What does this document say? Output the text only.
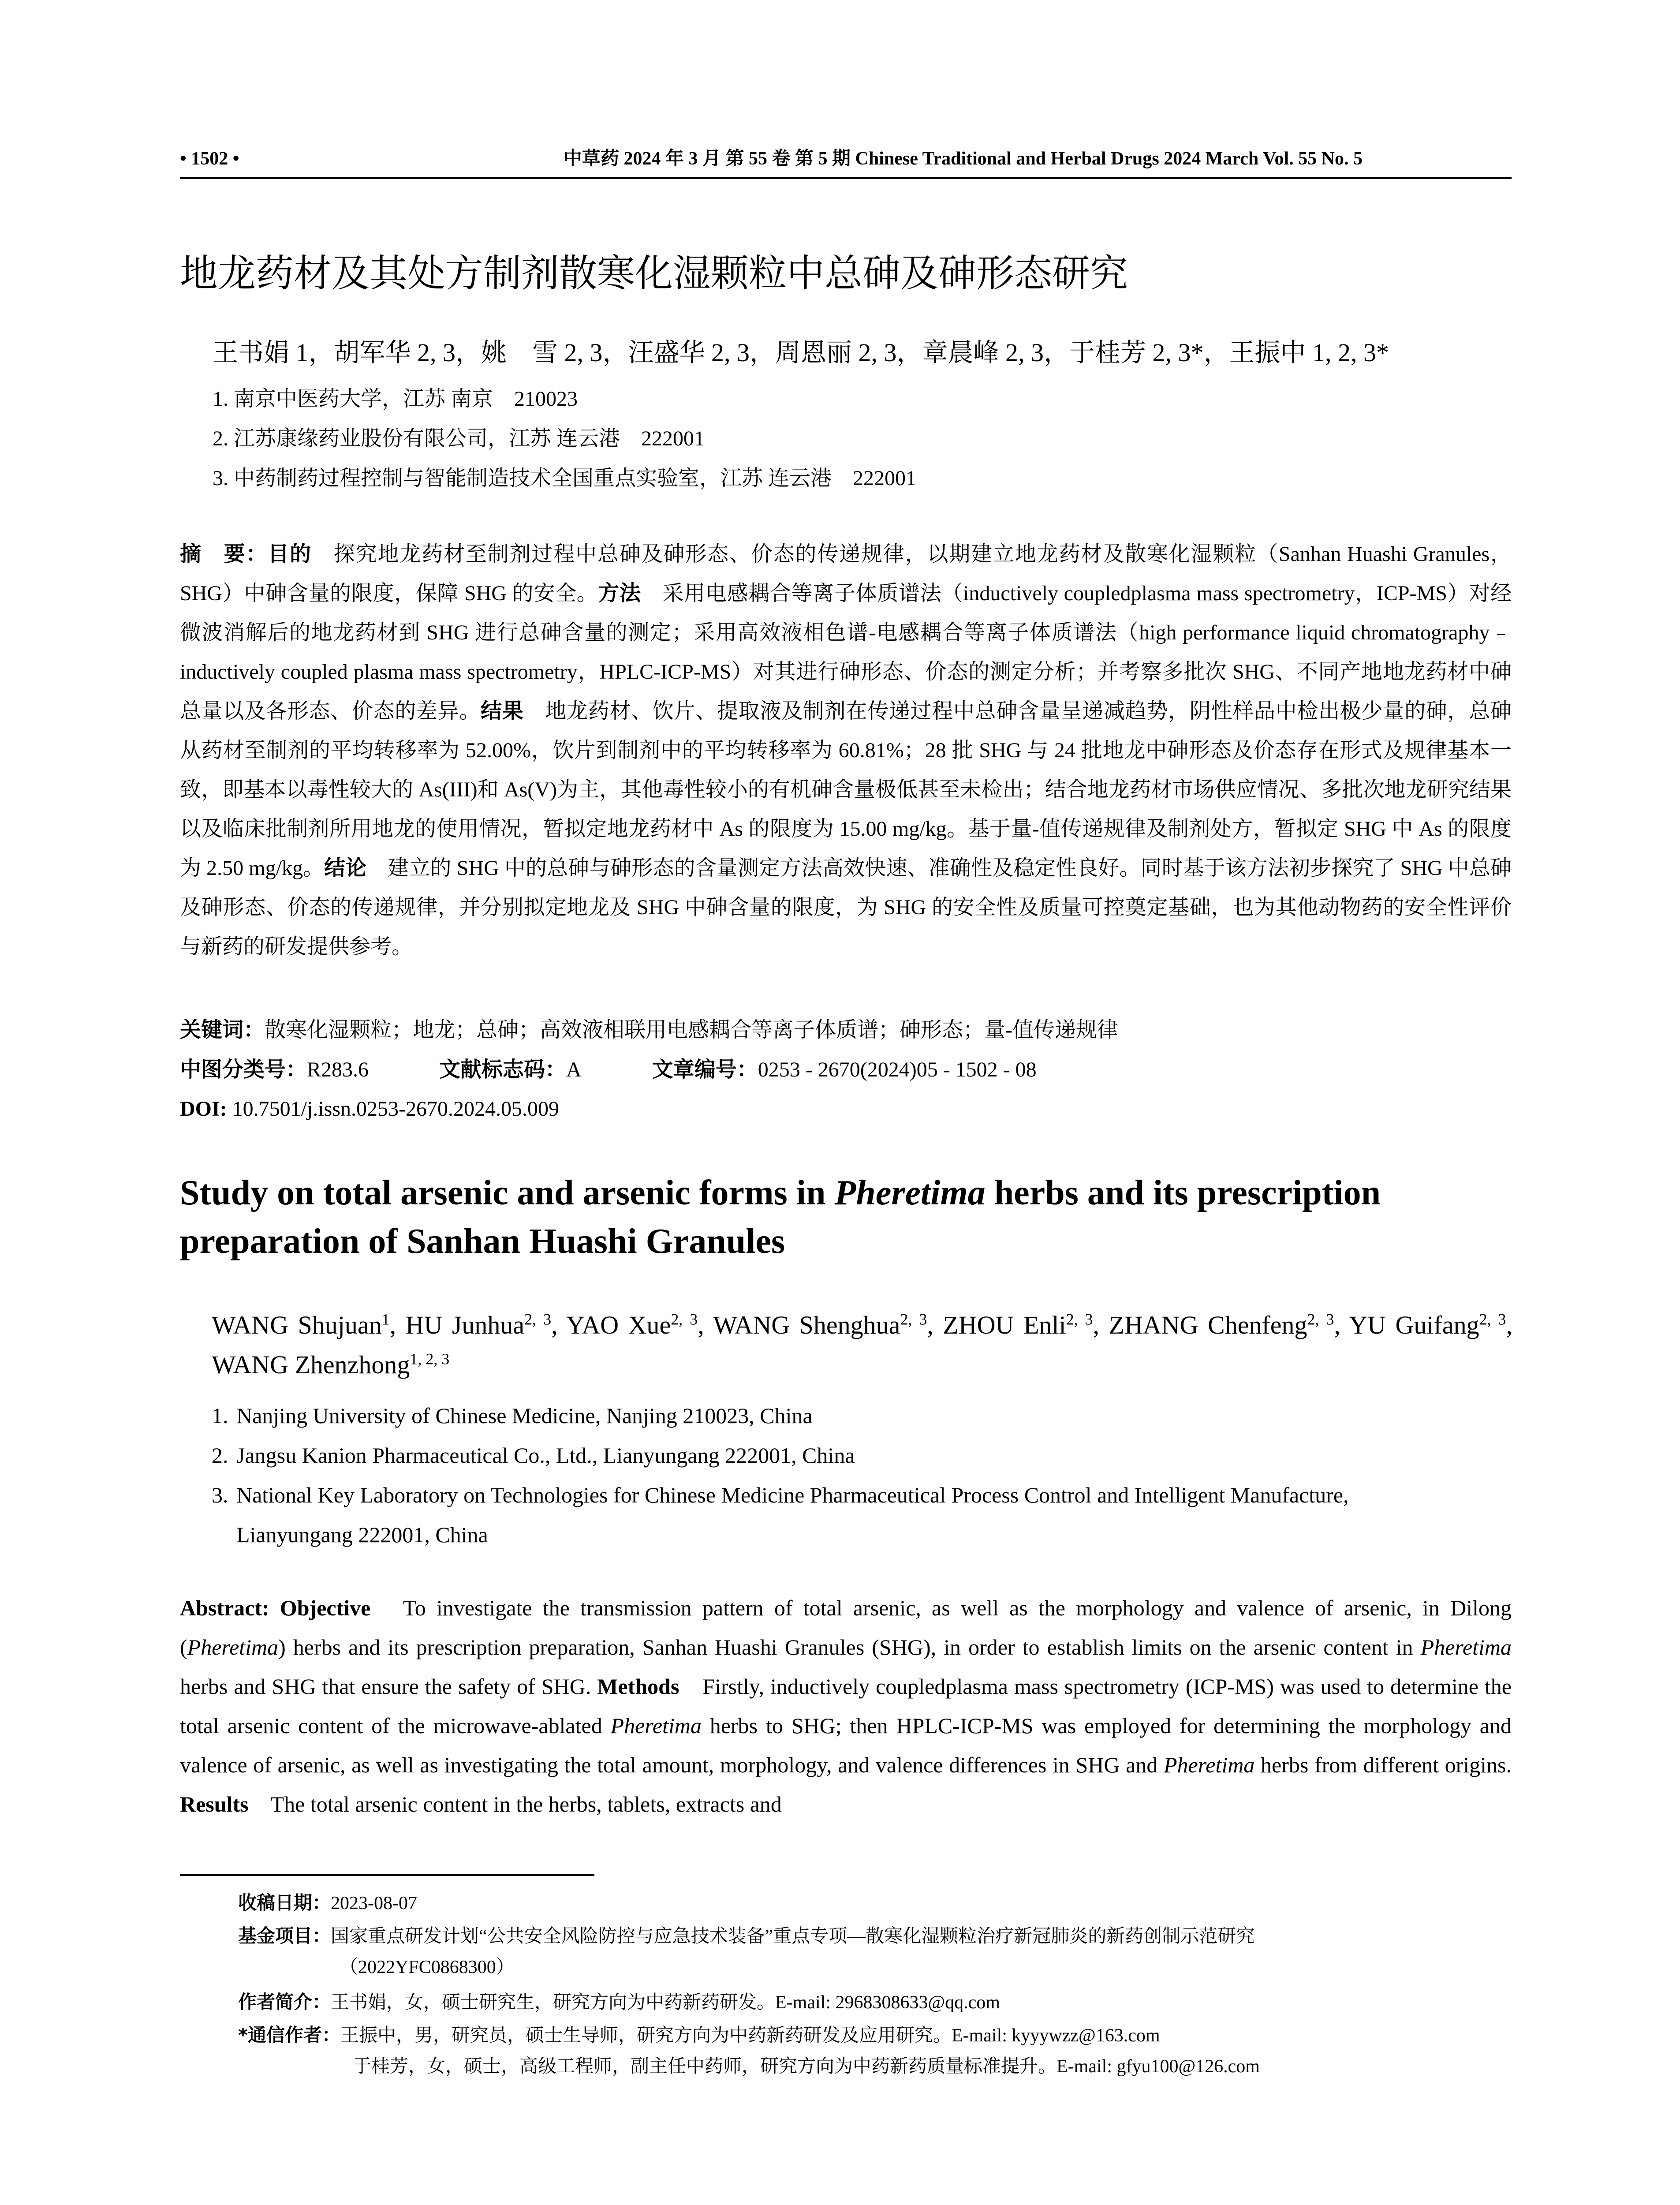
• 1502 •	中草药 2024 年 3 月 第 55 卷 第 5 期 Chinese Traditional and Herbal Drugs 2024 March Vol. 55 No. 5
地龙药材及其处方制剂散寒化湿颗粒中总砷及砷形态研究
王书娟 1，胡军华 2, 3，姚　雪 2, 3，汪盛华 2, 3，周恩丽 2, 3，章晨峰 2, 3，于桂芳 2, 3*，王振中 1, 2, 3*
1. 南京中医药大学，江苏 南京　210023
2. 江苏康缘药业股份有限公司，江苏 连云港　222001
3. 中药制药过程控制与智能制造技术全国重点实验室，江苏 连云港　222001
摘　要：目的　探究地龙药材至制剂过程中总砷及砷形态、价态的传递规律，以期建立地龙药材及散寒化湿颗粒（Sanhan Huashi Granules，SHG）中砷含量的限度，保障 SHG 的安全。方法　采用电感耦合等离子体质谱法（inductively coupledplasma mass spectrometry，ICP-MS）对经微波消解后的地龙药材到 SHG 进行总砷含量的测定；采用高效液相色谱-电感耦合等离子体质谱法（high performance liquid chromatography﹣inductively coupled plasma mass spectrometry，HPLC-ICP-MS）对其进行砷形态、价态的测定分析；并考察多批次 SHG、不同产地地龙药材中砷总量以及各形态、价态的差异。结果　地龙药材、饮片、提取液及制剂在传递过程中总砷含量呈递减趋势，阴性样品中检出极少量的砷，总砷从药材至制剂的平均转移率为 52.00%，饮片到制剂中的平均转移率为 60.81%；28 批 SHG 与 24 批地龙中砷形态及价态存在形式及规律基本一致，即基本以毒性较大的 As(III)和 As(V)为主，其他毒性较小的有机砷含量极低甚至未检出；结合地龙药材市场供应情况、多批次地龙研究结果以及临床批制剂所用地龙的使用情况，暂拟定地龙药材中 As 的限度为 15.00 mg/kg。基于量-值传递规律及制剂处方，暂拟定 SHG 中 As 的限度为 2.50 mg/kg。结论　建立的 SHG 中的总砷与砷形态的含量测定方法高效快速、准确性及稳定性良好。同时基于该方法初步探究了 SHG 中总砷及砷形态、价态的传递规律，并分别拟定地龙及 SHG 中砷含量的限度，为 SHG 的安全性及质量可控奠定基础，也为其他动物药的安全性评价与新药的研发提供参考。
关键词：散寒化湿颗粒；地龙；总砷；高效液相联用电感耦合等离子体质谱；砷形态；量-值传递规律
中图分类号：R283.6	文献标志码：A	文章编号：0253 - 2670(2024)05 - 1502 - 08
DOI: 10.7501/j.issn.0253-2670.2024.05.009
Study on total arsenic and arsenic forms in Pheretima herbs and its prescription preparation of Sanhan Huashi Granules
WANG Shujuan$^1$, HU Junhua$^{2, 3}$, YAO Xue$^{2, 3}$, WANG Shenghua$^{2, 3}$, ZHOU Enli$^{2, 3}$, ZHANG Chenfeng$^{2, 3}$, YU Guifang$^{2, 3}$, WANG Zhenzhong$^{1, 2, 3}$
1. Nanjing University of Chinese Medicine, Nanjing 210023, China
2. Jangsu Kanion Pharmaceutical Co., Ltd., Lianyungang 222001, China
3. National Key Laboratory on Technologies for Chinese Medicine Pharmaceutical Process Control and Intelligent Manufacture,
Lianyungang 222001, China
Abstract: Objective　To investigate the transmission pattern of total arsenic, as well as the morphology and valence of arsenic, in Dilong (Pheretima) herbs and its prescription preparation, Sanhan Huashi Granules (SHG), in order to establish limits on the arsenic content in Pheretima herbs and SHG that ensure the safety of SHG. Methods　Firstly, inductively coupledplasma mass spectrometry (ICP-MS) was used to determine the total arsenic content of the microwave-ablated Pheretima herbs to SHG; then HPLC-ICP-MS was employed for determining the morphology and valence of arsenic, as well as investigating the total amount, morphology, and valence differences in SHG and Pheretima herbs from different origins. Results　The total arsenic content in the herbs, tablets, extracts and
收稿日期：2023-08-07
基金项目：国家重点研发计划“公共安全风险防控与应急技术装备”重点专项—散寒化湿颗粒治疗新冠肺炎的新药创制示范研究
（2022YFC0868300）
作者简介：王书娟，女，硕士研究生，研究方向为中药新药研发。E-mail: 2968308633@qq.com
*通信作者：王振中，男，研究员，硕士生导师，研究方向为中药新药研发及应用研究。E-mail: kyyywzz@163.com
于桂芳，女，硕士，高级工程师，副主任中药师，研究方向为中药新药质量标准提升。E-mail: gfyu100@126.com
